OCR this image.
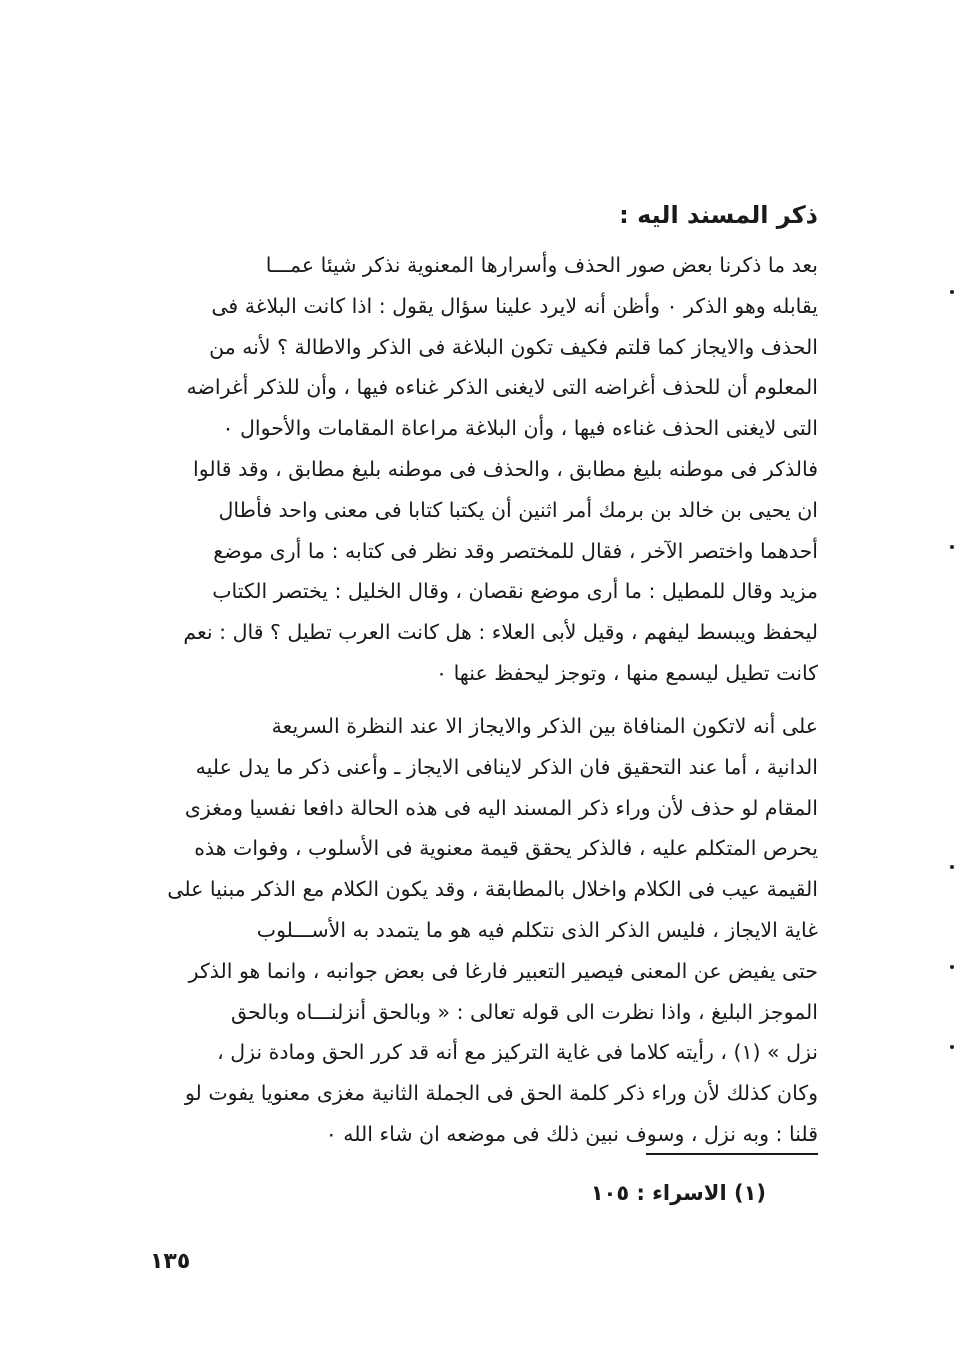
ذكر المسند اليه :
بعد ما ذكرنا بعض صور الحذف وأسرارها المعنوية نذكر شيئا عمـــا
يقابله وهو الذكر ٠ وأظن أنه لايرد علينا سؤال يقول : اذا كانت البلاغة فى
الحذف والايجاز كما قلتم فكيف تكون البلاغة فى الذكر والاطالة ؟ لأنه من
المعلوم أن للحذف أغراضه التى لايغنى الذكر غناءه فيها ، وأن للذكر أغراضه
التى لايغنى الحذف غناءه فيها ، وأن البلاغة مراعاة المقامات والأحوال ٠
فالذكر فى موطنه بليغ مطابق ، والحذف فى موطنه بليغ مطابق ، وقد قالوا
ان يحيى بن خالد بن برمك أمر اثنين أن يكتبا كتابا فى معنى واحد فأطال
أحدهما واختصر الآخر ، فقال للمختصر وقد نظر فى كتابه : ما أرى موضع
مزيد وقال للمطيل : ما أرى موضع نقصان ، وقال الخليل : يختصر الكتاب
ليحفظ ويبسط ليفهم ، وقيل لأبى العلاء : هل كانت العرب تطيل ؟ قال : نعم
كانت تطيل ليسمع منها ، وتوجز ليحفظ عنها ٠
على أنه لاتكون المنافاة بين الذكر والايجاز الا عند النظرة السريعة
الدانية ، أما عند التحقيق فان الذكر لاينافى الايجاز ـ وأعنى ذكر ما يدل عليه
المقام لو حذف لأن وراء ذكر المسند اليه فى هذه الحالة دافعا نفسيا ومغزى
يحرص المتكلم عليه ، فالذكر يحقق قيمة معنوية فى الأسلوب ، وفوات هذه
القيمة عيب فى الكلام واخلال بالمطابقة ، وقد يكون الكلام مع الذكر مبنيا على
غاية الايجاز ، فليس الذكر الذى نتكلم فيه هو ما يتمدد به الأســـلوب
حتى يفيض عن المعنى فيصير التعبير فارغا فى بعض جوانبه ، وانما هو الذكر
الموجز البليغ ، واذا نظرت الى قوله تعالى : « وبالحق أنزلنـــاه وبالحق
نزل » (١) ، رأيته كلاما فى غاية التركيز مع أنه قد كرر الحق ومادة نزل ،
وكان كذلك لأن وراء ذكر كلمة الحق فى الجملة الثانية مغزى معنويا يفوت لو
قلنا : وبه نزل ، وسوف نبين ذلك فى موضعه ان شاء الله ٠
(١) الاسراء : ١٠٥
١٣٥
